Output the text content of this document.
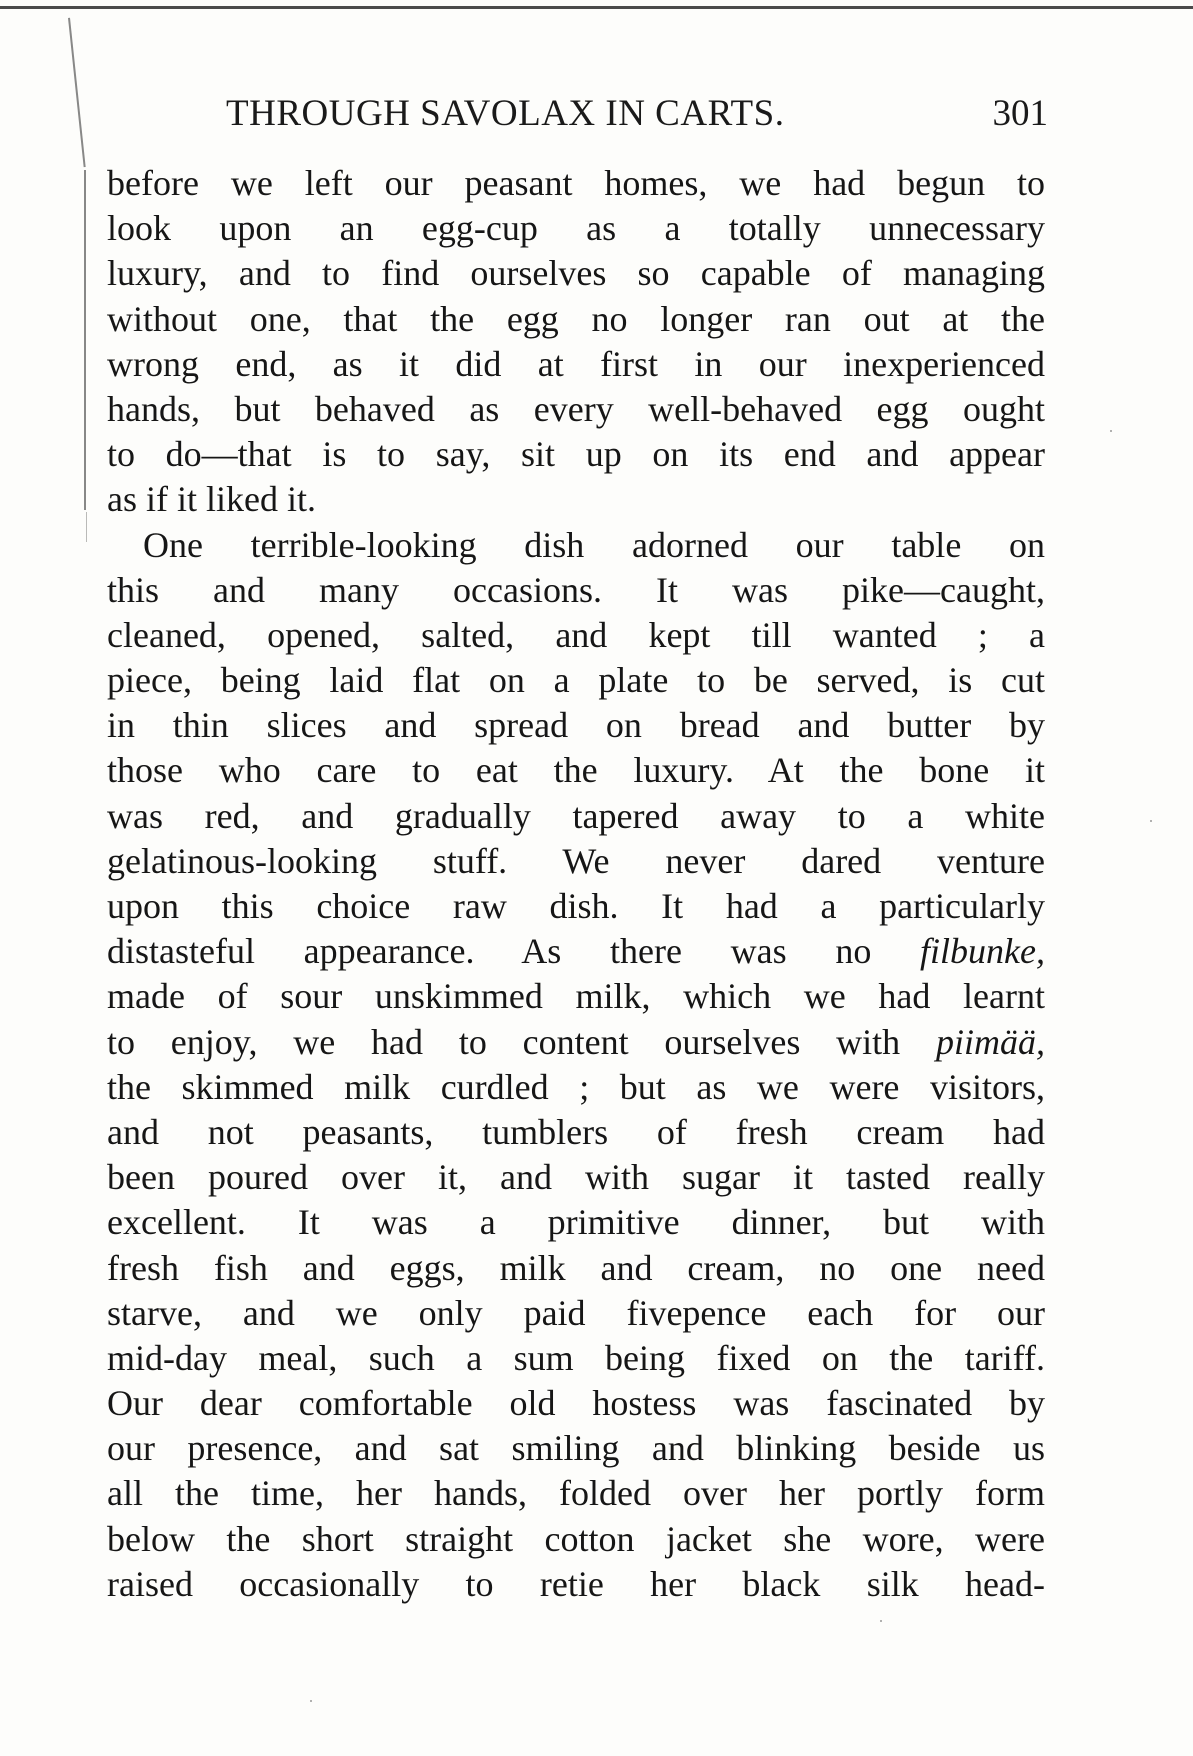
THROUGH SAVOLAX IN CARTS.	301
before we left our peasant homes, we had begun to
look upon an egg-cup as a totally unnecessary
luxury, and to find ourselves so capable of managing
without one, that the egg no longer ran out at the
wrong end, as it did at first in our inexperienced
hands, but behaved as every well-behaved egg ought
to do—that is to say, sit up on its end and appear
as if it liked it.
One terrible-looking dish adorned our table on
this and many occasions. It was pike—caught,
cleaned, opened, salted, and kept till wanted ; a
piece, being laid flat on a plate to be served, is cut
in thin slices and spread on bread and butter by
those who care to eat the luxury. At the bone it
was red, and gradually tapered away to a white
gelatinous-looking stuff. We never dared venture
upon this choice raw dish. It had a particularly
distasteful appearance. As there was no filbunke,
made of sour unskimmed milk, which we had learnt
to enjoy, we had to content ourselves with piimää,
the skimmed milk curdled ; but as we were visitors,
and not peasants, tumblers of fresh cream had
been poured over it, and with sugar it tasted really
excellent. It was a primitive dinner, but with
fresh fish and eggs, milk and cream, no one need
starve, and we only paid fivepence each for our
mid-day meal, such a sum being fixed on the tariff.
Our dear comfortable old hostess was fascinated by
our presence, and sat smiling and blinking beside us
all the time, her hands, folded over her portly form
below the short straight cotton jacket she wore, were
raised occasionally to retie her black silk head-
